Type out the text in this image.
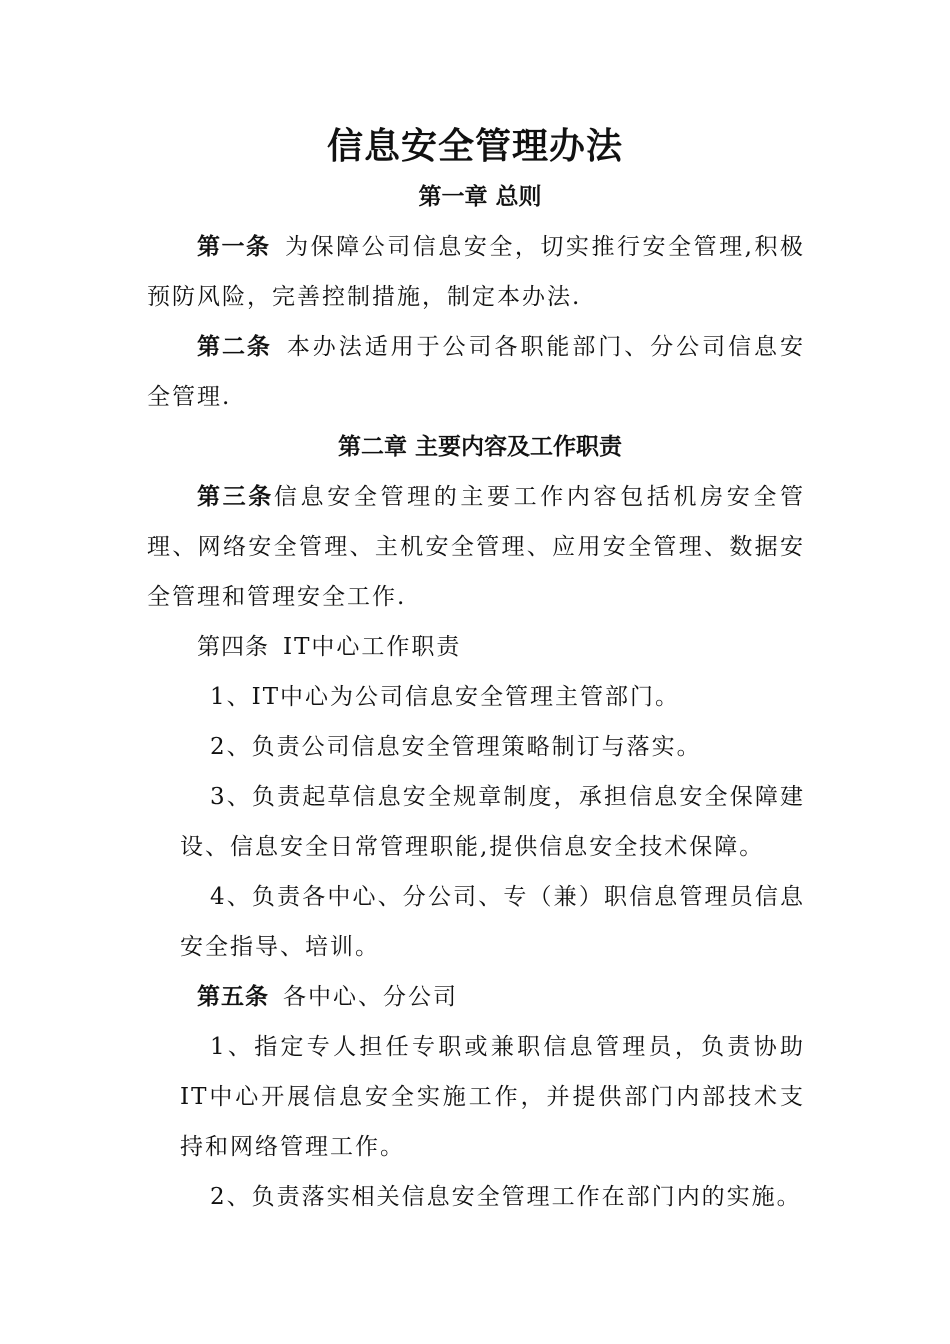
信息安全管理办法
第一章 总则

第一条 为保障公司信息安全，切实推行安全管理,积极预防风险，完善控制措施，制定本办法.

第二条 本办法适用于公司各职能部门、分公司信息安全管理.

第二章 主要内容及工作职责

第三条信息安全管理的主要工作内容包括机房安全管理、网络安全管理、主机安全管理、应用安全管理、数据安全管理和管理安全工作.

第四条 IT中心工作职责

1、IT中心为公司信息安全管理主管部门。

2、负责公司信息安全管理策略制订与落实。

3、负责起草信息安全规章制度，承担信息安全保障建设、信息安全日常管理职能,提供信息安全技术保障。

4、负责各中心、分公司、专（兼）职信息管理员信息安全指导、培训。

第五条 各中心、分公司

1、指定专人担任专职或兼职信息管理员，负责协助IT中心开展信息安全实施工作，并提供部门内部技术支持和网络管理工作。

2、负责落实相关信息安全管理工作在部门内的实施。
